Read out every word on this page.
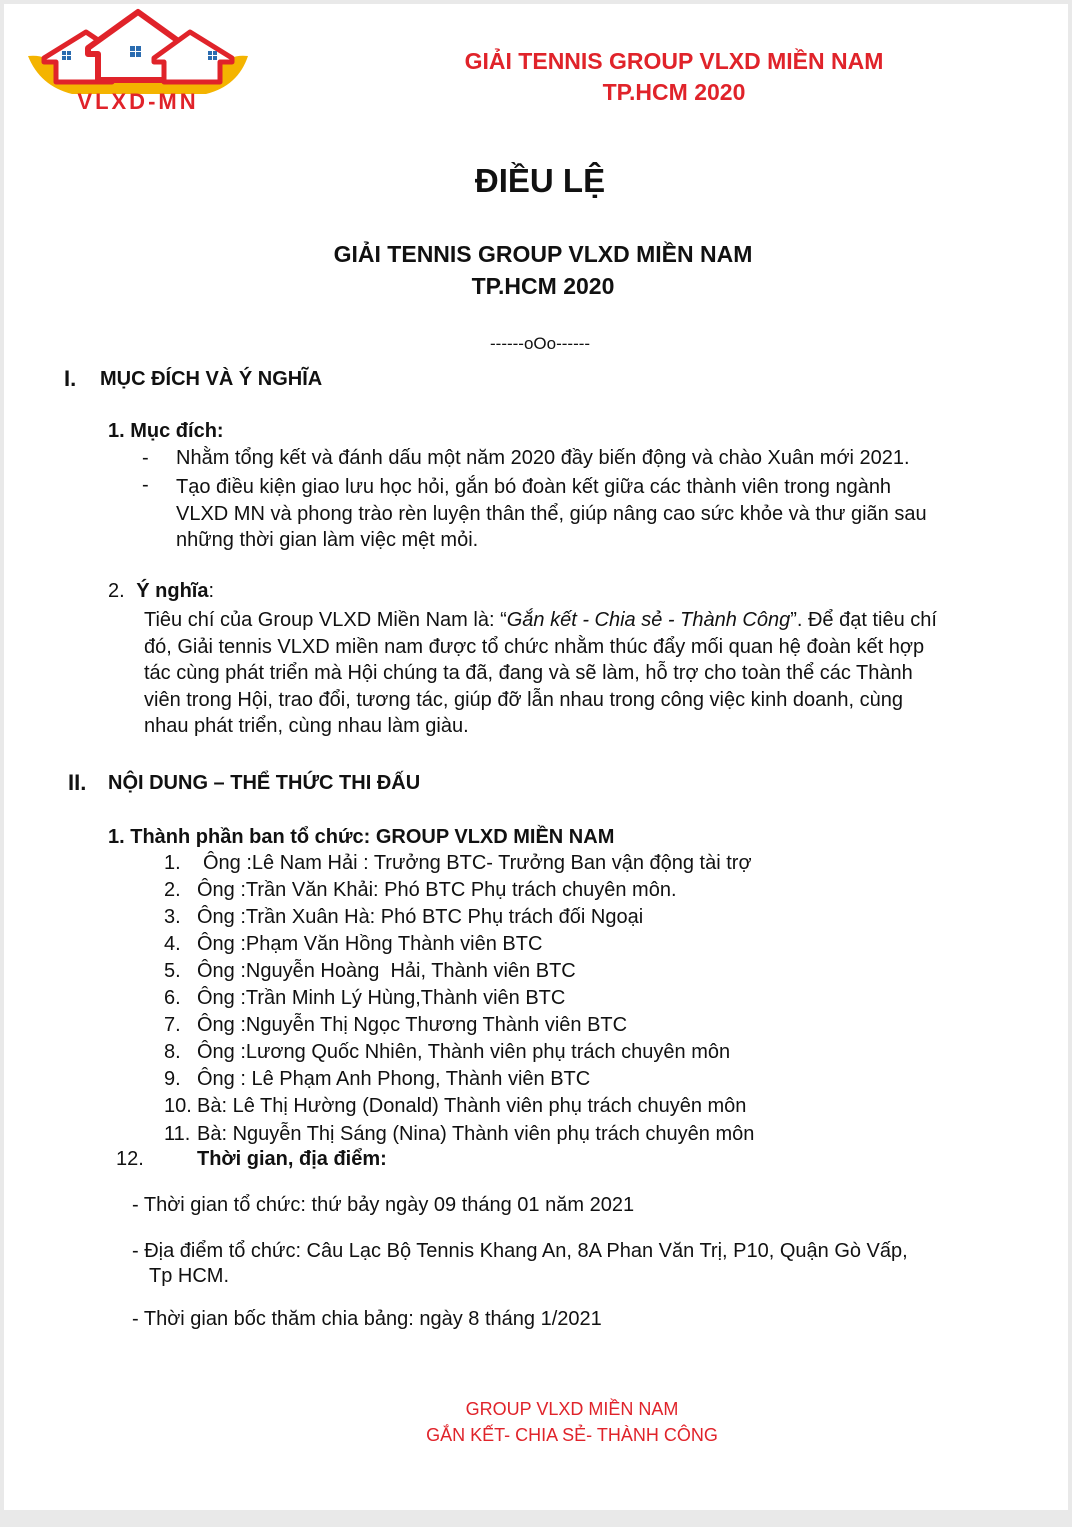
VLXD-MN
GIẢI TENNIS GROUP VLXD MIỀN NAM
TP.HCM 2020
ĐIỀU LỆ
GIẢI TENNIS GROUP VLXD MIỀN NAM
TP.HCM 2020
------oOo------
I. MỤC ĐÍCH VÀ Ý NGHĨA
1. Mục đích:
- Nhằm tổng kết và đánh dấu một năm 2020 đầy biến động và chào Xuân mới 2021.
- Tạo điều kiện giao lưu học hỏi, gắn bó đoàn kết giữa các thành viên trong ngành
VLXD MN và phong trào rèn luyện thân thể, giúp nâng cao sức khỏe và thư giãn sau
những thời gian làm việc mệt mỏi.
2. Ý nghĩa:
Tiêu chí của Group VLXD Miền Nam là: “Gắn kết - Chia sẻ - Thành Công”. Để đạt tiêu chí
đó, Giải tennis VLXD miền nam được tổ chức nhằm thúc đẩy mối quan hệ đoàn kết hợp
tác cùng phát triển mà Hội chúng ta đã, đang và sẽ làm, hỗ trợ cho toàn thể các Thành
viên trong Hội, trao đổi, tương tác, giúp đỡ lẫn nhau trong công việc kinh doanh, cùng
nhau phát triển, cùng nhau làm giàu.
II. NỘI DUNG – THỂ THỨC THI ĐẤU
1. Thành phần ban tổ chức: GROUP VLXD MIỀN NAM
1. Ông :Lê Nam Hải : Trưởng BTC- Trưởng Ban vận động tài trợ
2. Ông :Trần Văn Khải: Phó BTC Phụ trách chuyên môn.
3. Ông :Trần Xuân Hà: Phó BTC Phụ trách đối Ngoại
4. Ông :Phạm Văn Hồng Thành viên BTC
5. Ông :Nguyễn Hoàng  Hải, Thành viên BTC
6. Ông :Trần Minh Lý Hùng,Thành viên BTC
7. Ông :Nguyễn Thị Ngọc Thương Thành viên BTC
8. Ông :Lương Quốc Nhiên, Thành viên phụ trách chuyên môn
9. Ông : Lê Phạm Anh Phong, Thành viên BTC
10. Bà: Lê Thị Hường (Donald) Thành viên phụ trách chuyên môn
11. Bà: Nguyễn Thị Sáng (Nina) Thành viên phụ trách chuyên môn
12.	Thời gian, địa điểm:
- Thời gian tổ chức: thứ bảy ngày 09 tháng 01 năm 2021
- Địa điểm tổ chức: Câu Lạc Bộ Tennis Khang An, 8A Phan Văn Trị, P10, Quận Gò Vấp,
Tp HCM.
- Thời gian bốc thăm chia bảng: ngày 8 tháng 1/2021
GROUP VLXD MIỀN NAM
GẮN KẾT- CHIA SẺ- THÀNH CÔNG
